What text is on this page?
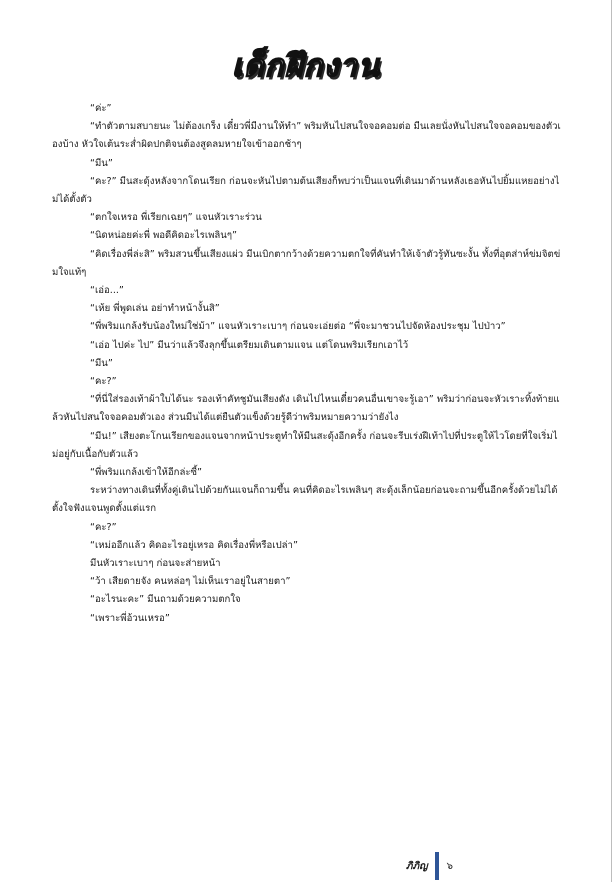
เด็กฝึกงาน

“ค่ะ”

“ทำตัวตามสบายนะ ไม่ต้องเกร็ง เดี๋ยวพี่มีงานให้ทำ” พริมหันไปสนใจจอคอมต่อ มีนเลยนั่งหันไปสนใจจอคอมของตัวเองบ้าง หัวใจเต้นระส่ำผิดปกติจนต้องสูดลมหายใจเข้าออกช้าๆ

“มีน”

“คะ?” มีนสะดุ้งหลังจากโดนเรียก ก่อนจะหันไปตามต้นเสียงก็พบว่าเป็นแจนที่เดินมาด้านหลังเธอหันไปยิ้มแหยอย่างไม่ได้ตั้งตัว

“ตกใจเหรอ พี่เรียกเฉยๆ” แจนหัวเราะร่วน

“นิดหน่อยค่ะพี่ พอดีคิดอะไรเพลินๆ”

“คิดเรื่องพี่ล่ะสิ” พริมสวนขึ้นเสียงแผ่ว มีนเบิกตากว้างด้วยความตกใจที่คันทำให้เจ้าตัวรู้ทันซะงั้น ทั้งที่อุตส่าห์ข่มจิตข่มใจแท้ๆ

“เอ่อ...”

“เห้ย พี่พูดเล่น อย่าทำหน้างั้นสิ”

“พี่พริมแกล้งรับน้องใหม่ใช่ม้า” แจนหัวเราะเบาๆ ก่อนจะเอ่ยต่อ “พี่จะมาชวนไปจัดห้องประชุม ไปป่าว”

“เอ่อ ไปค่ะ ไป” มีนว่าแล้วจึงลุกขึ้นเตรียมเดินตามแจน แต่โดนพริมเรียกเอาไว้

“มีน”

“คะ?”

“ที่นี่ใส่รองเท้าผ้าใบได้นะ รองเท้าคัทชูมันเสียงดัง เดินไปไหนเดี๋ยวคนอื่นเขาจะรู้เอา” พริมว่าก่อนจะหัวเราะทิ้งท้ายแล้วหันไปสนใจจอคอมตัวเอง ส่วนมีนได้แต่ยืนตัวแข็งด้วยรู้ดีว่าพริมหมายความว่ายังไง

“มีน!” เสียงตะโกนเรียกของแจนจากหน้าประตูทำให้มีนสะดุ้งอีกครั้ง ก่อนจะรีบเร่งฝีเท้าไปที่ประตูให้ไวโดยที่ใจเริ่มไม่อยู่กับเนื้อกับตัวแล้ว

“พี่พริมแกล้งเข้าให้อีกล่ะซี้”

ระหว่างทางเดินที่ทั้งคู่เดินไปด้วยกันแจนก็ถามขึ้น คนที่คิดอะไรเพลินๆ สะดุ้งเล็กน้อยก่อนจะถามขึ้นอีกครั้งด้วยไม่ได้ตั้งใจฟังแจนพูดตั้งแต่แรก

“คะ?”

“เหม่ออีกแล้ว คิดอะไรอยู่เหรอ คิดเรื่องพี่หรือเปล่า”

มีนหัวเราะเบาๆ ก่อนจะส่ายหน้า

“ว้า เสียดายจัง คนหล่อๆ ไม่เห็นเราอยู่ในสายตา”

“อะไรนะคะ” มีนถามด้วยความตกใจ

“เพราะพี่อ้วนเหรอ”

ภิภิญ	๖
